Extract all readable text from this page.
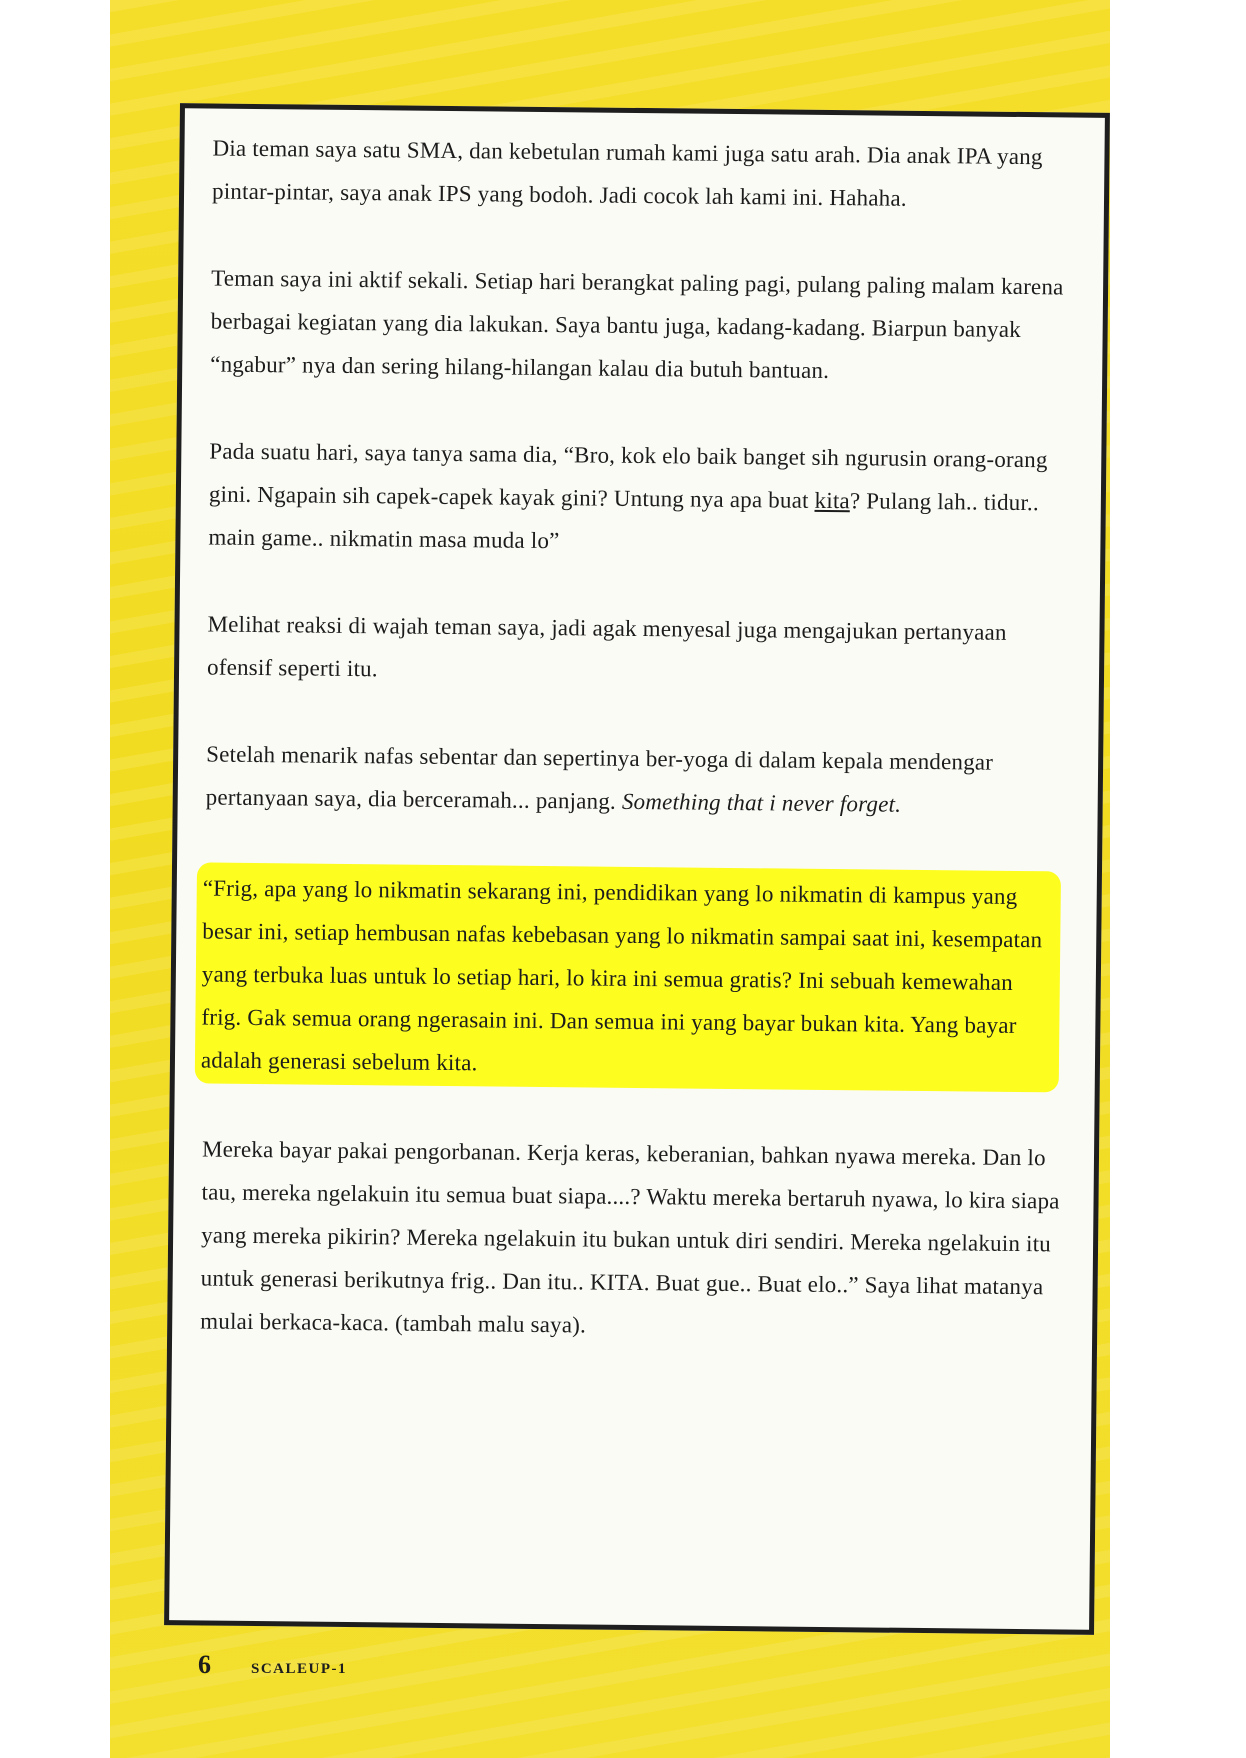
Dia teman saya satu SMA, dan kebetulan rumah kami juga satu arah. Dia anak IPA yang pintar-pintar, saya anak IPS yang bodoh. Jadi cocok lah kami ini. Hahaha.

Teman saya ini aktif sekali. Setiap hari berangkat paling pagi, pulang paling malam karena berbagai kegiatan yang dia lakukan. Saya bantu juga, kadang-kadang. Biarpun banyak “ngabur” nya dan sering hilang-hilangan kalau dia butuh bantuan.

Pada suatu hari, saya tanya sama dia, “Bro, kok elo baik banget sih ngurusin orang-orang gini. Ngapain sih capek-capek kayak gini? Untung nya apa buat kita? Pulang lah.. tidur.. main game.. nikmatin masa muda lo”

Melihat reaksi di wajah teman saya, jadi agak menyesal juga mengajukan pertanyaan ofensif seperti itu.

Setelah menarik nafas sebentar dan sepertinya ber-yoga di dalam kepala mendengar pertanyaan saya, dia berceramah... panjang. Something that i never forget.

“Frig, apa yang lo nikmatin sekarang ini, pendidikan yang lo nikmatin di kampus yang besar ini, setiap hembusan nafas kebebasan yang lo nikmatin sampai saat ini, kesempatan yang terbuka luas untuk lo setiap hari, lo kira ini semua gratis? Ini sebuah kemewahan frig. Gak semua orang ngerasain ini. Dan semua ini yang bayar bukan kita. Yang bayar adalah generasi sebelum kita.

Mereka bayar pakai pengorbanan. Kerja keras, keberanian, bahkan nyawa mereka. Dan lo tau, mereka ngelakuin itu semua buat siapa....? Waktu mereka bertaruh nyawa, lo kira siapa yang mereka pikirin? Mereka ngelakuin itu bukan untuk diri sendiri. Mereka ngelakuin itu untuk generasi berikutnya frig.. Dan itu.. KITA. Buat gue.. Buat elo..” Saya lihat matanya mulai berkaca-kaca. (tambah malu saya).

6	SCALEUP-1
